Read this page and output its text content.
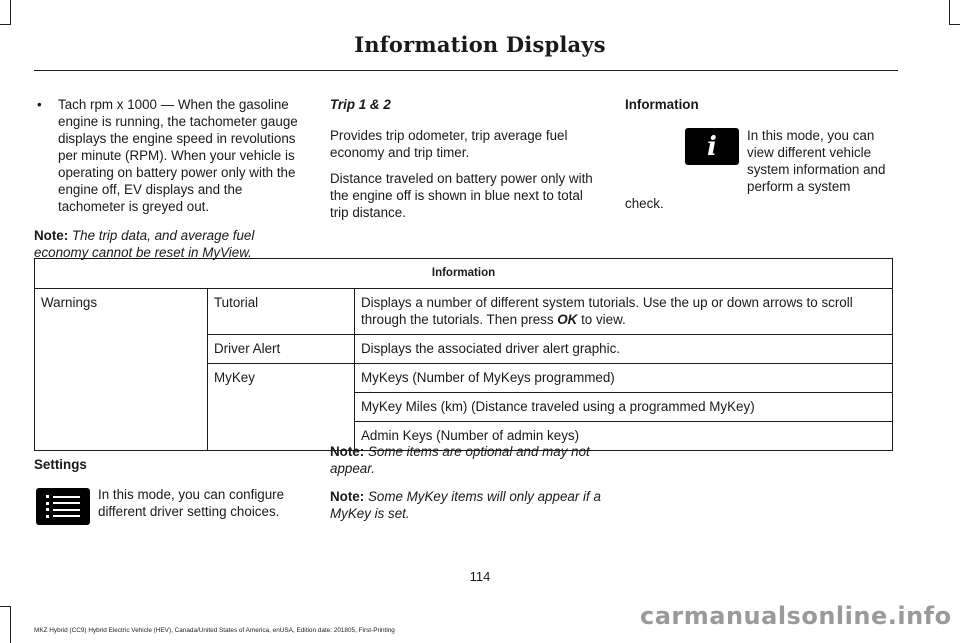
Information Displays
• Tach rpm x 1000 — When the gasoline engine is running, the tachometer gauge displays the engine speed in revolutions per minute (RPM). When your vehicle is operating on battery power only with the engine off, EV displays and the tachometer is greyed out.

Note: The trip data, and average fuel economy cannot be reset in MyView.

Trip 1 & 2

Provides trip odometer, trip average fuel economy and trip timer.

Distance traveled on battery power only with the engine off is shown in blue next to total trip distance.

Information

i In this mode, you can view different vehicle system information and perform a system

check.

Information		
Warnings	Tutorial	Displays a number of different system tutorials. Use the up or down arrows to scroll through the tutorials. Then press OK to view.
	Driver Alert	Displays the associated driver alert graphic.
	MyKey	MyKeys (Number of MyKeys programmed)
		MyKey Miles (km) (Distance traveled using a programmed MyKey)
		Admin Keys (Number of admin keys)

Settings

In this mode, you can configure different driver setting choices.

Note: Some items are optional and may not appear.

Note: Some MyKey items will only appear if a MyKey is set.

114
MKZ Hybrid (CC9) Hybrid Electric Vehicle (HEV), Canada/United States of America, enUSA, Edition date: 201805, First-Printing
carmanualsonline.info
